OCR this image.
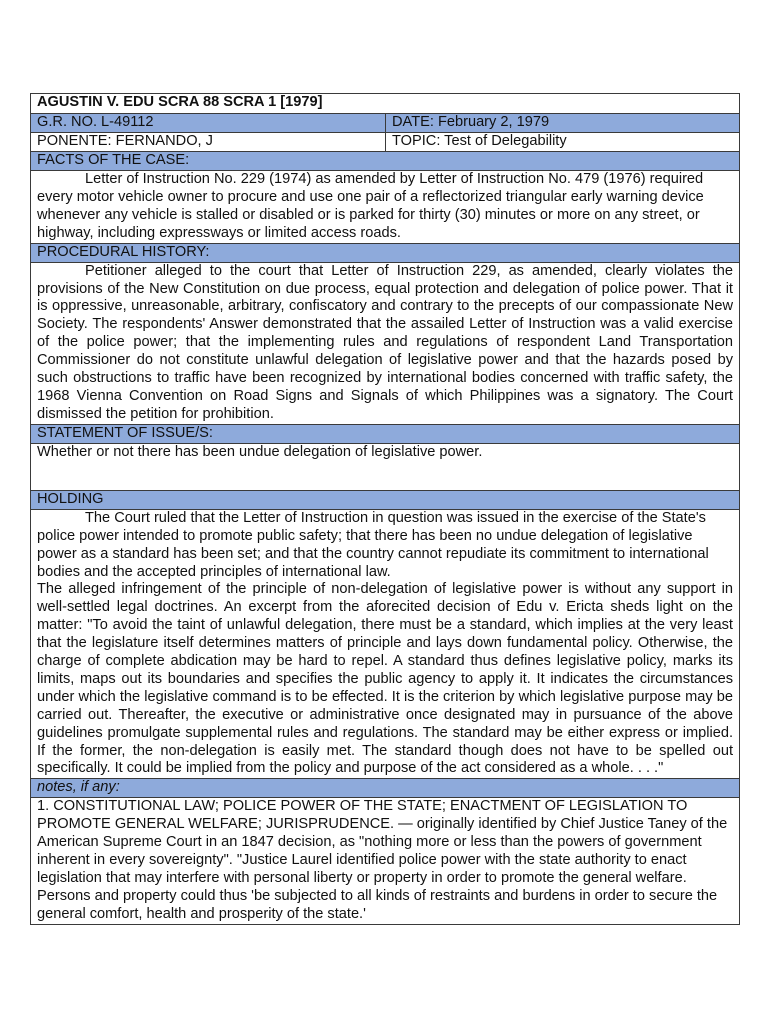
AGUSTIN V. EDU SCRA 88 SCRA 1 [1979]	
G.R. NO. L-49112	DATE: February 2, 1979
PONENTE: FERNANDO, J	TOPIC: Test of Delegability
FACTS OF THE CASE:	

Letter of Instruction No. 229 (1974) as amended by Letter of Instruction No. 479 (1976) required every motor vehicle owner to procure and use one pair of a reflectorized triangular early warning device whenever any vehicle is stalled or disabled or is parked for thirty (30) minutes or more on any street, or highway, including expressways or limited access roads.	

PROCEDURAL HISTORY:	

Petitioner alleged to the court that Letter of Instruction 229, as amended, clearly violates the provisions of the New Constitution on due process, equal protection and delegation of police power. That it is oppressive, unreasonable, arbitrary, confiscatory and contrary to the precepts of our compassionate New Society. The respondents' Answer demonstrated that the assailed Letter of Instruction was a valid exercise of the police power; that the implementing rules and regulations of respondent Land Transportation Commissioner do not constitute unlawful delegation of legislative power and that the hazards posed by such obstructions to traffic have been recognized by international bodies concerned with traffic safety, the 1968 Vienna Convention on Road Signs and Signals of which Philippines was a signatory. The Court dismissed the petition for prohibition.	

STATEMENT OF ISSUE/S:	
Whether or not there has been undue delegation of legislative power.	
HOLDING	

The Court ruled that the Letter of Instruction in question was issued in the exercise of the State's police power intended to promote public safety; that there has been no undue delegation of legislative power as a standard has been set; and that the country cannot repudiate its commitment to international bodies and the accepted principles of international law.

The alleged infringement of the principle of non-delegation of legislative power is without any support in well-settled legal doctrines. An excerpt from the aforecited decision of Edu v. Ericta sheds light on the matter: "To avoid the taint of unlawful delegation, there must be a standard, which implies at the very least that the legislature itself determines matters of principle and lays down fundamental policy. Otherwise, the charge of complete abdication may be hard to repel. A standard thus defines legislative policy, marks its limits, maps out its boundaries and specifies the public agency to apply it. It indicates the circumstances under which the legislative command is to be effected. It is the criterion by which legislative purpose may be carried out. Thereafter, the executive or administrative once designated may in pursuance of the above guidelines promulgate supplemental rules and regulations. The standard may be either express or implied. If the former, the non-delegation is easily met. The standard though does not have to be spelled out specifically. It could be implied from the policy and purpose of the act considered as a whole. . . ."	

notes, if any:	

1. CONSTITUTIONAL LAW; POLICE POWER OF THE STATE; ENACTMENT OF LEGISLATION TO PROMOTE GENERAL WELFARE; JURISPRUDENCE. — originally identified by Chief Justice Taney of the American Supreme Court in an 1847 decision, as "nothing more or less than the powers of government inherent in every sovereignty". "Justice Laurel identified police power with the state authority to enact legislation that may interfere with personal liberty or property in order to promote the general welfare. Persons and property could thus 'be subjected to all kinds of restraints and burdens in order to secure the general comfort, health and prosperity of the state.'	
